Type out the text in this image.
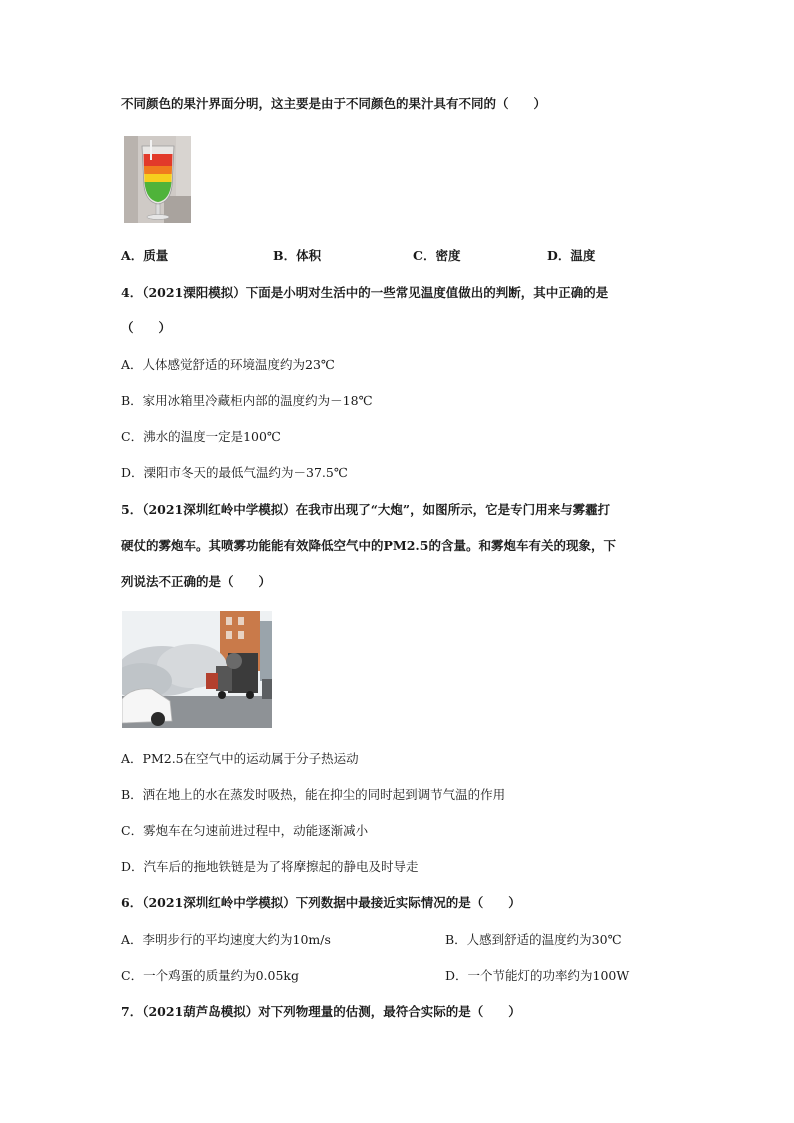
不同颜色的果汁界面分明，这主要是由于不同颜色的果汁具有不同的（　　）
A．质量	B．体积	C．密度	D．温度
4．（2021溧阳模拟）下面是小明对生活中的一些常见温度值做出的判断，其中正确的是
（　　）
A．人体感觉舒适的环境温度约为23℃
B．家用冰箱里冷藏柜内部的温度约为－18℃
C．沸水的温度一定是100℃
D．溧阳市冬天的最低气温约为－37.5℃
5．（2021深圳红岭中学模拟）在我市出现了“大炮”，如图所示，它是专门用来与雾霾打
硬仗的雾炮车。其喷雾功能能有效降低空气中的PM2.5的含量。和雾炮车有关的现象，下
列说法不正确的是（　　）
A．PM2.5在空气中的运动属于分子热运动
B．洒在地上的水在蒸发时吸热，能在抑尘的同时起到调节气温的作用
C．雾炮车在匀速前进过程中，动能逐渐减小
D．汽车后的拖地铁链是为了将摩擦起的静电及时导走
6．（2021深圳红岭中学模拟）下列数据中最接近实际情况的是（　　）
A．李明步行的平均速度大约为10m/s	B．人感到舒适的温度约为30℃
C．一个鸡蛋的质量约为0.05kg	D．一个节能灯的功率约为100W
7．（2021葫芦岛模拟）对下列物理量的估测，最符合实际的是（　　）
